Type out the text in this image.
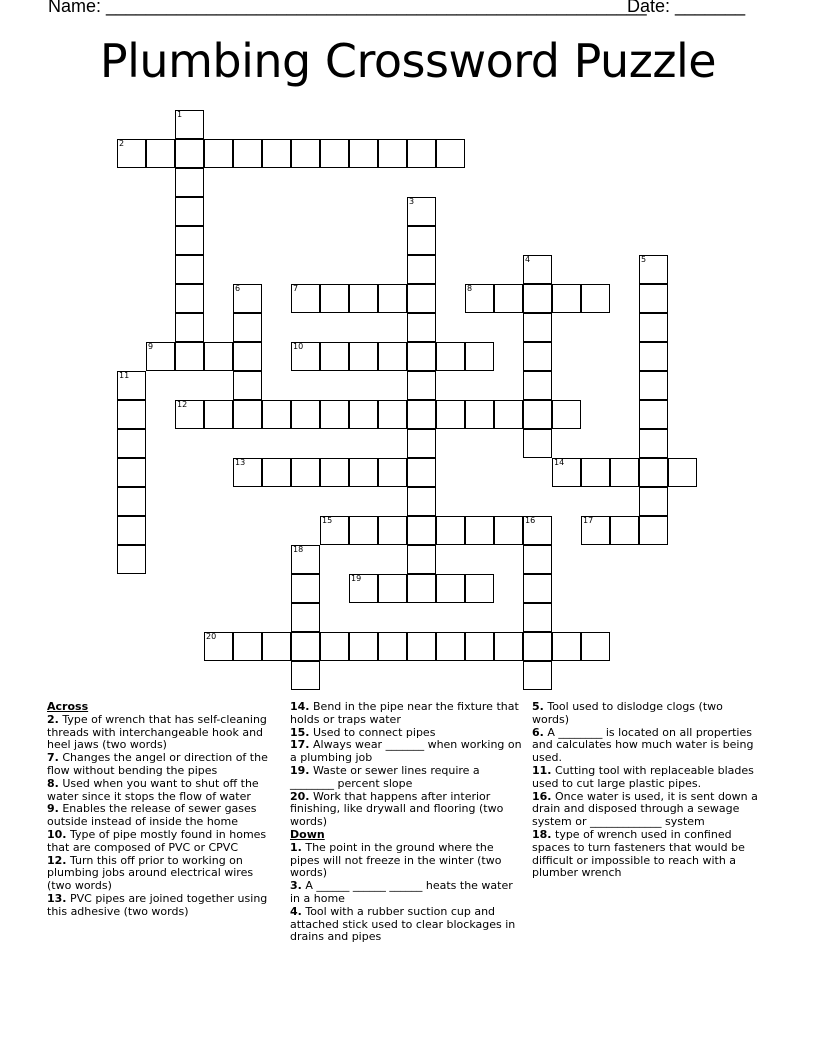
Name: ______________________________________________________
Date: _______
Plumbing Crossword Puzzle
2
7	8
9	10
12
13	14
15	16	17
19
20
1
3
4	5
6
11
18

Across

2. Type of wrench that has self-cleaning threads with interchangeable hook and heel jaws (two words)

7. Changes the angel or direction of the flow without bending the pipes

8. Used when you want to shut off the water since it stops the flow of water

9. Enables the release of sewer gases outside instead of inside the home

10. Type of pipe mostly found in homes that are composed of PVC or CPVC

12. Turn this off prior to working on plumbing jobs around electrical wires (two words)

13. PVC pipes are joined together using this adhesive (two words)

14. Bend in the pipe near the fixture that holds or traps water

15. Used to connect pipes

17. Always wear _______ when working on a plumbing job

19. Waste or sewer lines require a ________ percent slope

20. Work that happens after interior finishing, like drywall and flooring (two words)

Down

1. The point in the ground where the pipes will not freeze in the winter (two words)

3. A ______ ______ ______ heats the water in a home

4. Tool with a rubber suction cup and attached stick used to clear blockages in drains and pipes

5. Tool used to dislodge clogs (two words)

6. A ________ is located on all properties and calculates how much water is being used.

11. Cutting tool with replaceable blades used to cut large plastic pipes.

16. Once water is used, it is sent down a drain and disposed through a sewage system or _____________ system

18. type of wrench used in confined spaces to turn fasteners that would be difficult or impossible to reach with a plumber wrench
